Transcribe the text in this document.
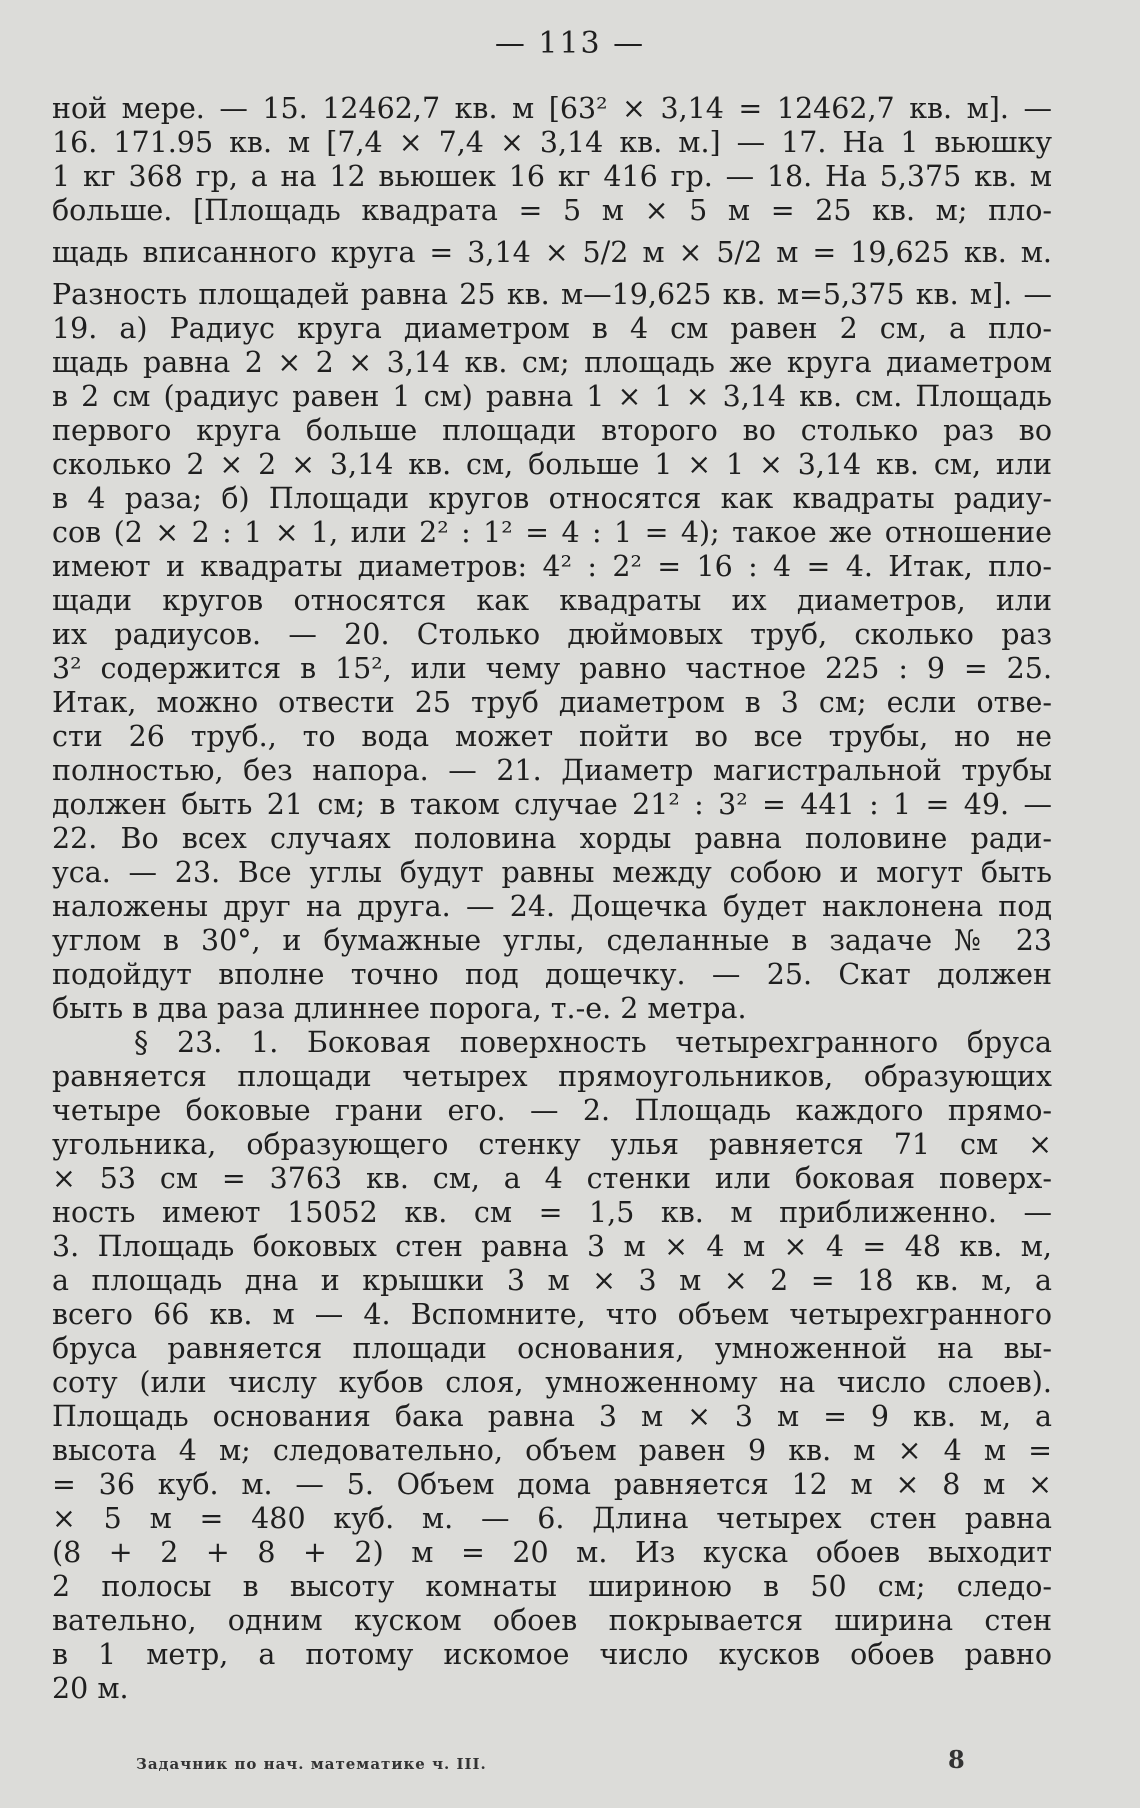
— 113 —
ной мере. — 15. 12462,7 кв. м [63² × 3,14 = 12462,7 кв. м]. —
16. 171.95 кв. м [7,4 × 7,4 × 3,14 кв. м.] — 17. На 1 вьюшку
1 кг 368 гр, а на 12 вьюшек 16 кг 416 гр. — 18. На 5,375 кв. м
больше. [Площадь квадрата = 5 м × 5 м = 25 кв. м; пло-
щадь вписанного круга = 3,14 × 5/2 м × 5/2 м = 19,625 кв. м.
Разность площадей равна 25 кв. м—19,625 кв. м=5,375 кв. м]. —
19. а) Радиус круга диаметром в 4 см равен 2 см, а пло-
щадь равна 2 × 2 × 3,14 кв. см; площадь же круга диаметром
в 2 см (радиус равен 1 см) равна 1 × 1 × 3,14 кв. см. Площадь
первого круга больше площади второго во столько раз во
сколько 2 × 2 × 3,14 кв. см, больше 1 × 1 × 3,14 кв. см, или
в 4 раза; б) Площади кругов относятся как квадраты радиу-
сов (2 × 2 : 1 × 1, или 2² : 1² = 4 : 1 = 4); такое же отношение
имеют и квадраты диаметров: 4² : 2² = 16 : 4 = 4. Итак, пло-
щади кругов относятся как квадраты их диаметров, или
их радиусов. — 20. Столько дюймовых труб, сколько раз
3² содержится в 15², или чему равно частное 225 : 9 = 25.
Итак, можно отвести 25 труб диаметром в 3 см; если отве-
сти 26 труб., то вода может пойти во все трубы, но не
полностью, без напора. — 21. Диаметр магистральной трубы
должен быть 21 см; в таком случае 21² : 3² = 441 : 1 = 49. —
22. Во всех случаях половина хорды равна половине ради-
уса. — 23. Все углы будут равны между собою и могут быть
наложены друг на друга. — 24. Дощечка будет наклонена под
углом в 30°, и бумажные углы, сделанные в задаче № 23
подойдут вполне точно под дощечку. — 25. Скат должен
быть в два раза длиннее порога, т.-е. 2 метра.
§ 23. 1. Боковая поверхность четырехгранного бруса
равняется площади четырех прямоугольников, образующих
четыре боковые грани его. — 2. Площадь каждого прямо-
угольника, образующего стенку улья равняется 71 см ×
× 53 см = 3763 кв. см, а 4 стенки или боковая поверх-
ность имеют 15052 кв. см = 1,5 кв. м приближенно. —
3. Площадь боковых стен равна 3 м × 4 м × 4 = 48 кв. м,
а площадь дна и крышки 3 м × 3 м × 2 = 18 кв. м, а
всего 66 кв. м — 4. Вспомните, что объем четырехгранного
бруса равняется площади основания, умноженной на вы-
соту (или числу кубов слоя, умноженному на число слоев).
Площадь основания бака равна 3 м × 3 м = 9 кв. м, а
высота 4 м; следовательно, объем равен 9 кв. м × 4 м =
= 36 куб. м. — 5. Объем дома равняется 12 м × 8 м ×
× 5 м = 480 куб. м. — 6. Длина четырех стен равна
(8 + 2 + 8 + 2) м = 20 м. Из куска обоев выходит
2 полосы в высоту комнаты шириною в 50 см; следо-
вательно, одним куском обоев покрывается ширина стен
в 1 метр, а потому искомое число кусков обоев равно
20 м.
Задачник по нач. математике ч. III.	8
